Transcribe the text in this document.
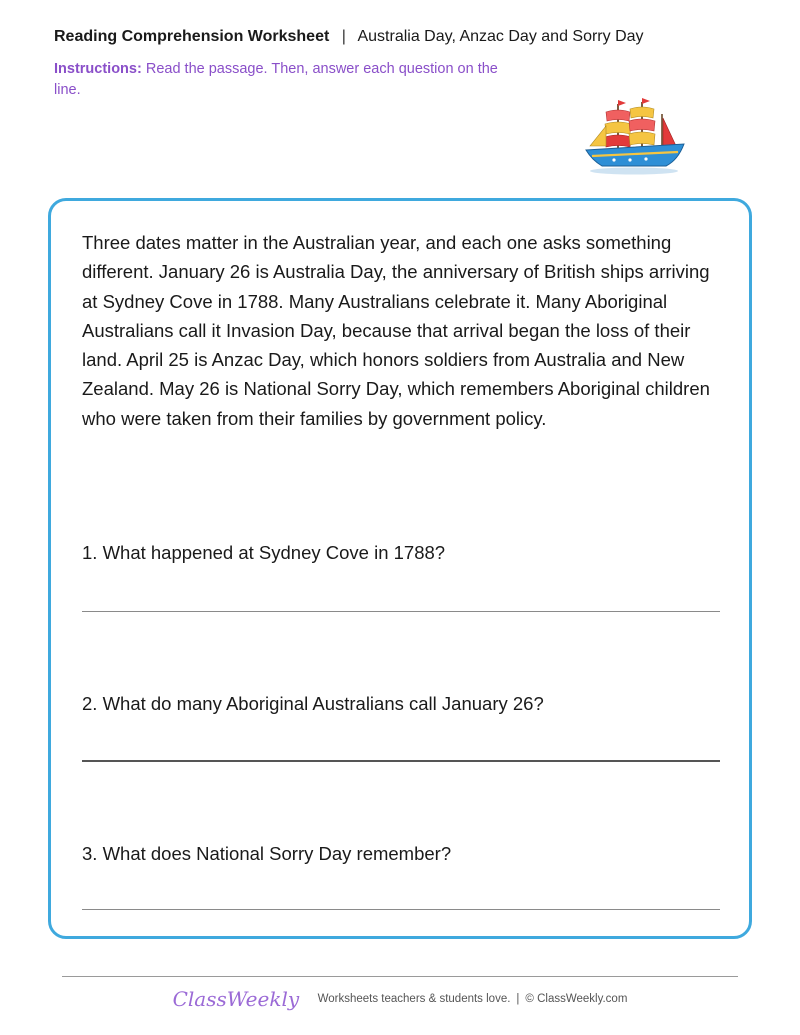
Reading Comprehension Worksheet | Australia Day, Anzac Day and Sorry Day
Instructions: Read the passage. Then, answer each question on the line.

Three dates matter in the Australian year, and each one asks something different. January 26 is Australia Day, the anniversary of British ships arriving at Sydney Cove in 1788. Many Australians celebrate it. Many Aboriginal Australians call it Invasion Day, because that arrival began the loss of their land. April 25 is Anzac Day, which honors soldiers from Australia and New Zealand. May 26 is National Sorry Day, which remembers Aboriginal children who were taken from their families by government policy.

1. What happened at Sydney Cove in 1788?
2. What do many Aboriginal Australians call January 26?
3. What does National Sorry Day remember?
ClassWeekly Worksheets teachers & students love. | © ClassWeekly.com
